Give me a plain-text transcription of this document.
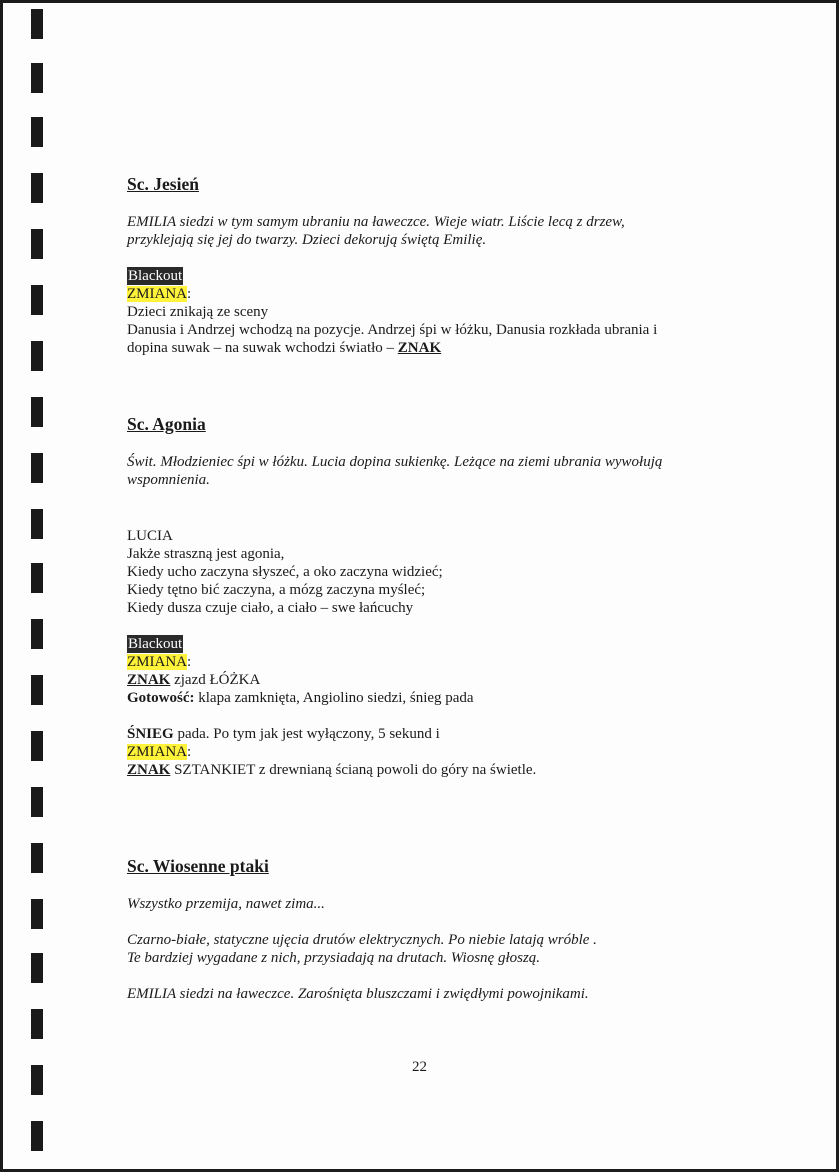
Sc. Jesień

EMILIA siedzi w tym samym ubraniu na ławeczce. Wieje wiatr. Liście lecą z drzew,

przyklejają się jej do twarzy. Dzieci dekorują świętą Emilię.

Blackout

ZMIANA:

Dzieci znikają ze sceny

Danusia i Andrzej wchodzą na pozycje. Andrzej śpi w łóżku, Danusia rozkłada ubrania i

dopina suwak – na suwak wchodzi światło – ZNAK

Sc. Agonia

Świt. Młodzieniec śpi w łóżku. Lucia dopina sukienkę. Leżące na ziemi ubrania wywołują

wspomnienia.

LUCIA

Jakże straszną jest agonia,

Kiedy ucho zaczyna słyszeć, a oko zaczyna widzieć;

Kiedy tętno bić zaczyna, a mózg zaczyna myśleć;

Kiedy dusza czuje ciało, a ciało – swe łańcuchy

Blackout

ZMIANA:

ZNAK zjazd ŁÓŻKA

Gotowość: klapa zamknięta, Angiolino siedzi, śnieg pada

ŚNIEG pada. Po tym jak jest wyłączony, 5 sekund i

ZMIANA:

ZNAK SZTANKIET z drewnianą ścianą powoli do góry na świetle.

Sc. Wiosenne ptaki

Wszystko przemija, nawet zima...

Czarno-białe, statyczne ujęcia drutów elektrycznych. Po niebie latają wróble .

Te bardziej wygadane z nich, przysiadają na drutach. Wiosnę głoszą.

EMILIA siedzi na ławeczce. Zarośnięta bluszczami i zwiędłymi powojnikami.

22
